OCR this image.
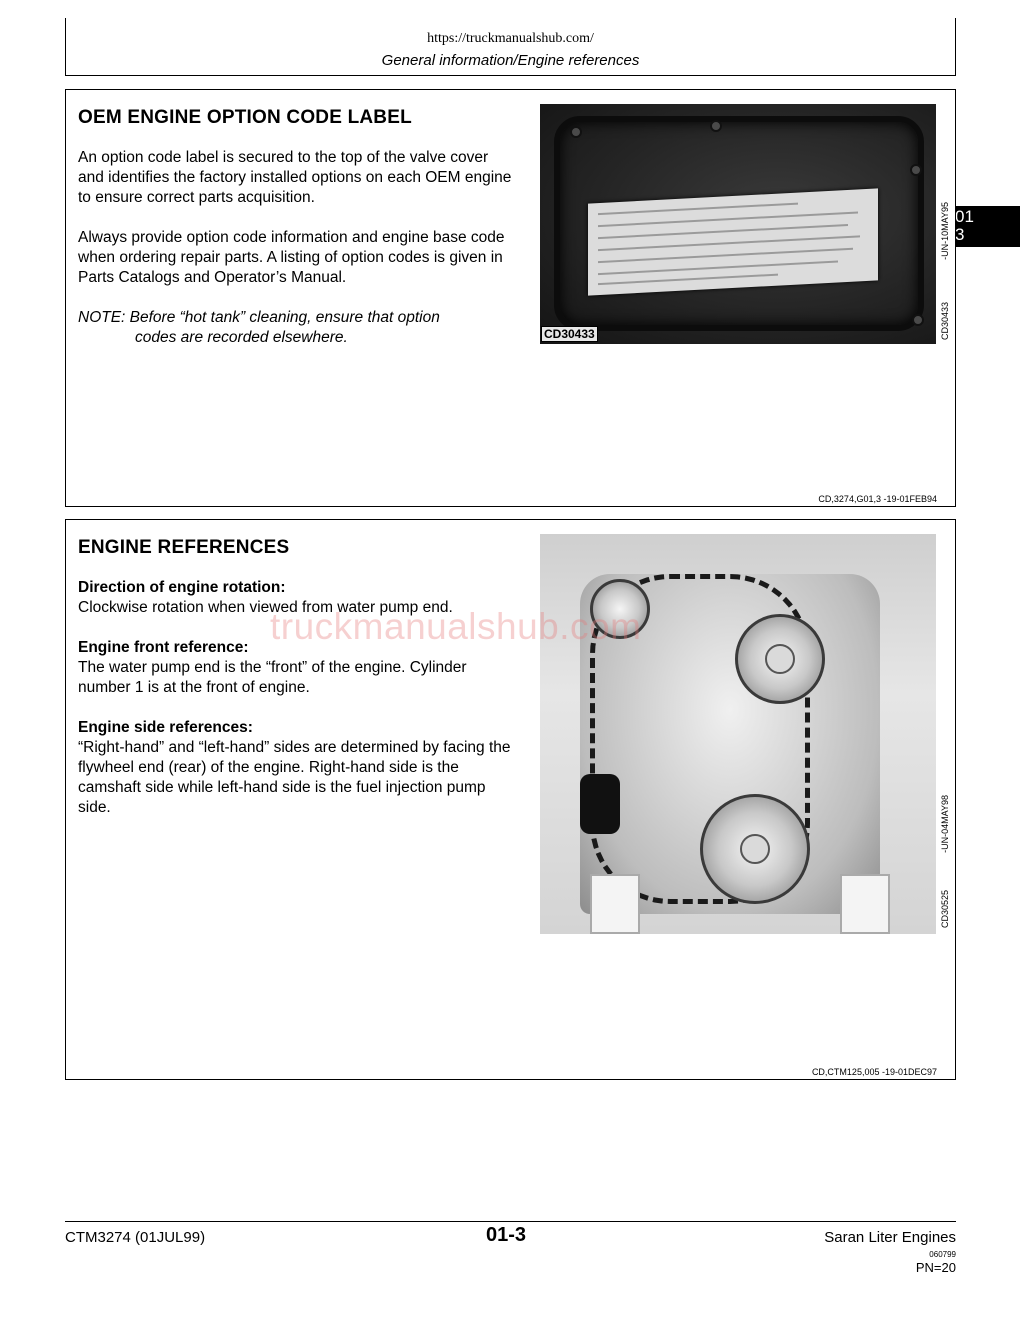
https://truckmanualshub.com/
General information/Engine references
01
3
OEM ENGINE OPTION CODE LABEL
An option code label is secured to the top of the valve cover and identifies the factory installed options on each OEM engine to ensure correct parts acquisition.
Always provide option code information and engine base code when ordering repair parts. A listing of option codes is given in Parts Catalogs and Operator’s Manual.
NOTE: Before “hot tank” cleaning, ensure that option
codes are recorded elsewhere.	CD30433
-UN-10MAY95
CD30433
CD,3274,G01,3 -19-01FEB94
ENGINE REFERENCES
Direction of engine rotation:
Clockwise rotation when viewed from water pump end.
Engine front reference:
The water pump end is the “front” of the engine. Cylinder number 1 is at the front of engine.
Engine side references:
“Right-hand” and “left-hand” sides are determined by facing the flywheel end (rear) of the engine. Right-hand side is the camshaft side while left-hand side is the fuel injection pump side.	-UN-04MAY98
CD30525
CD,CTM125,005 -19-01DEC97
truckmanualshub.com
CTM3274 (01JUL99)	01-3	Saran Liter Engines
060799
PN=20
